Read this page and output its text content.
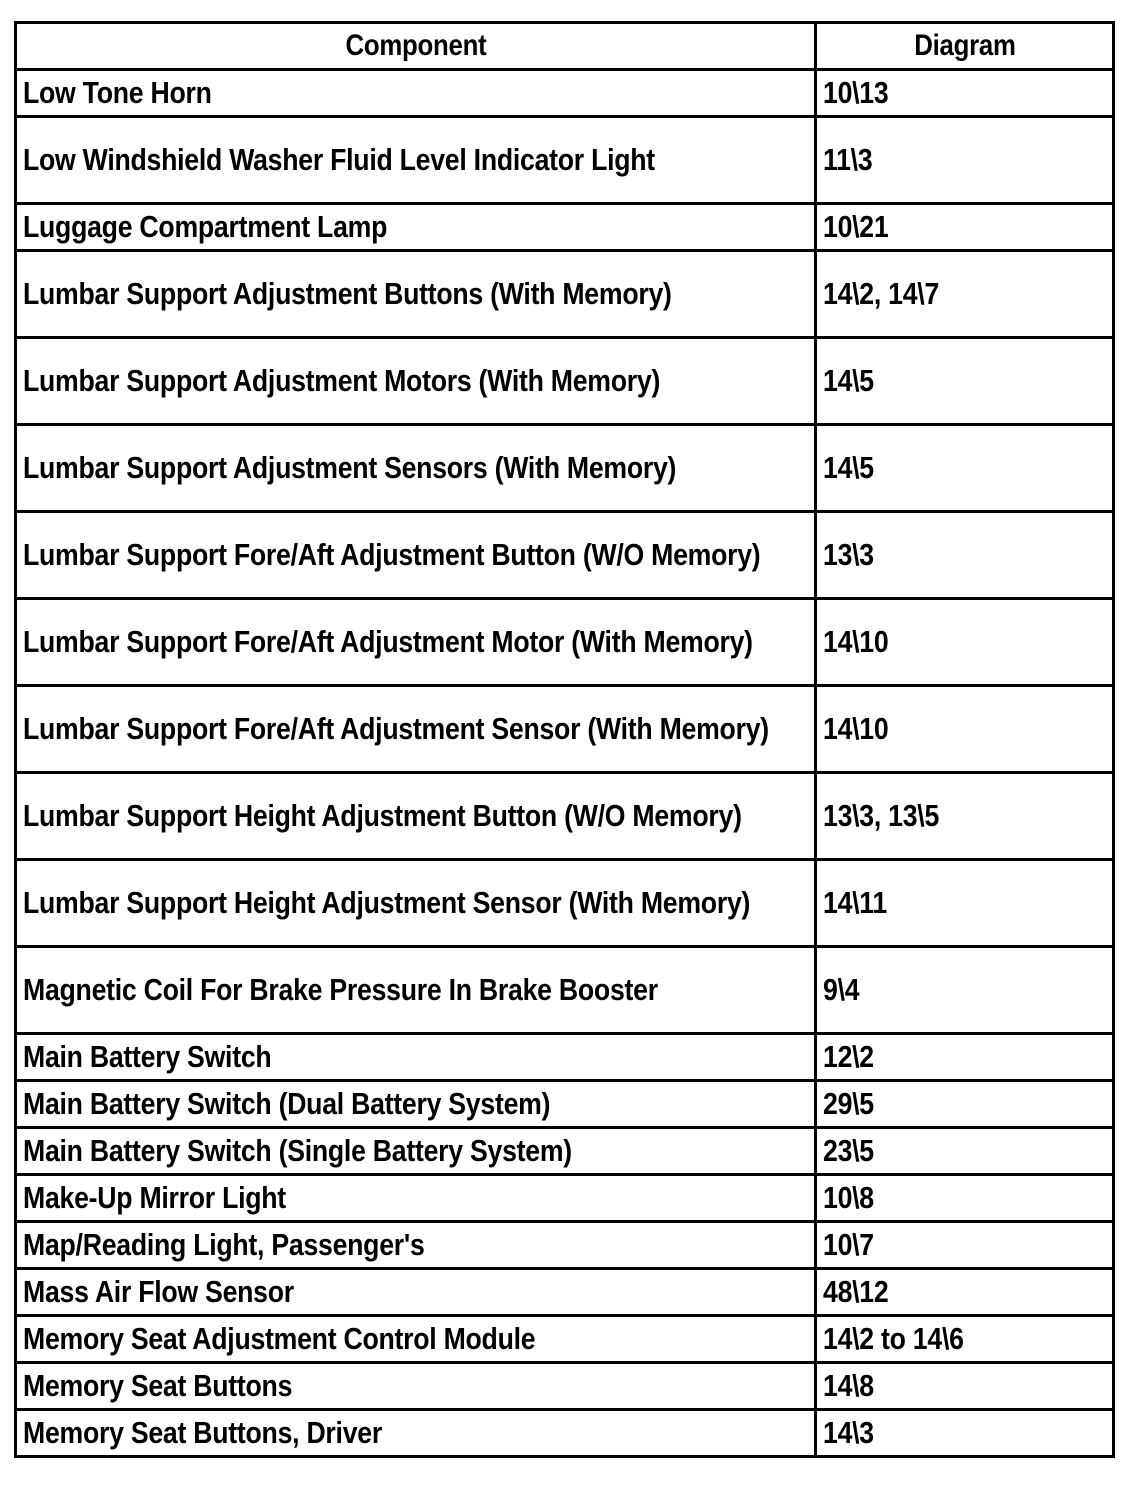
Component	Diagram
Low Tone Horn	10\13
Low Windshield Washer Fluid Level Indicator Light	11\3
Luggage Compartment Lamp	10\21
Lumbar Support Adjustment Buttons (With Memory)	14\2, 14\7
Lumbar Support Adjustment Motors (With Memory)	14\5
Lumbar Support Adjustment Sensors (With Memory)	14\5
Lumbar Support Fore/Aft Adjustment Button (W/O Memory)	13\3
Lumbar Support Fore/Aft Adjustment Motor (With Memory)	14\10
Lumbar Support Fore/Aft Adjustment Sensor (With Memory)	14\10
Lumbar Support Height Adjustment Button (W/O Memory)	13\3, 13\5
Lumbar Support Height Adjustment Sensor (With Memory)	14\11
Magnetic Coil For Brake Pressure In Brake Booster	9\4
Main Battery Switch	12\2
Main Battery Switch (Dual Battery System)	29\5
Main Battery Switch (Single Battery System)	23\5
Make-Up Mirror Light	10\8
Map/Reading Light, Passenger's	10\7
Mass Air Flow Sensor	48\12
Memory Seat Adjustment Control Module	14\2 to 14\6
Memory Seat Buttons	14\8
Memory Seat Buttons, Driver	14\3
